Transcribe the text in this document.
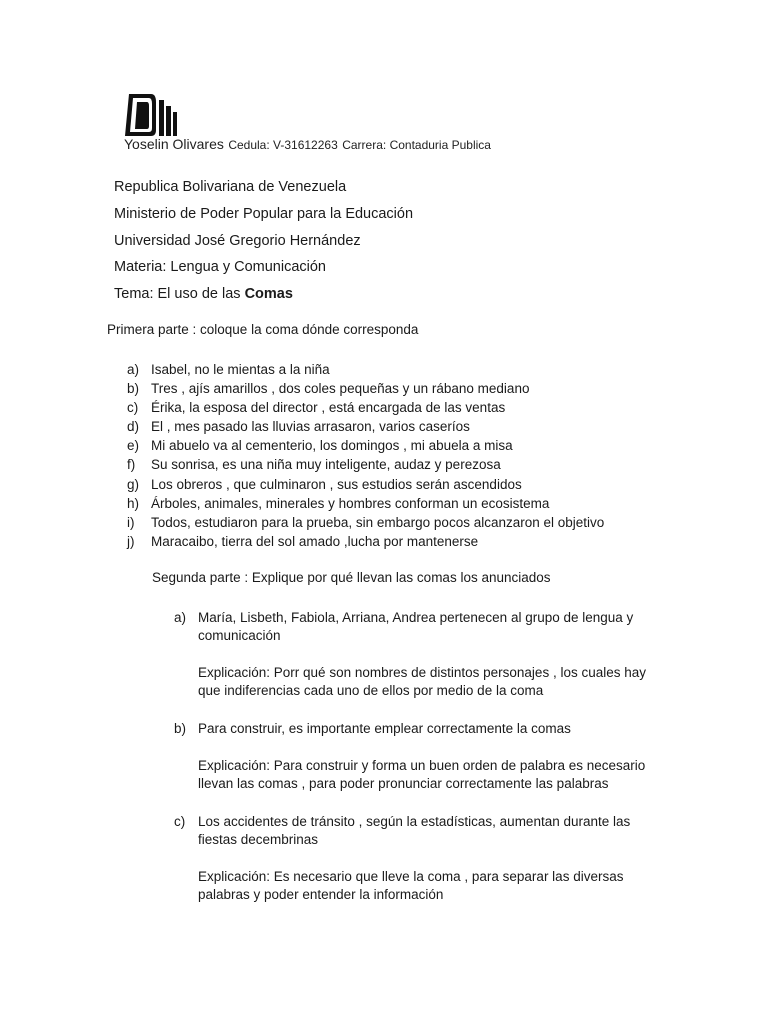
Yoselin Olivares Cedula: V-31612263 Carrera: Contaduria Publica
Republica Bolivariana de Venezuela
Ministerio de Poder Popular para la Educación
Universidad José Gregorio Hernández
Materia: Lengua y Comunicación
Tema: El uso de las Comas
Primera parte : coloque la coma dónde corresponda
a) Isabel, no le mientas a la niña
b) Tres , ajís amarillos , dos coles pequeñas y un rábano mediano
c) Érika, la esposa del director , está encargada de las ventas
d) El , mes pasado las lluvias arrasaron, varios caseríos
e) Mi abuelo va al cementerio, los domingos , mi abuela a misa
f) Su sonrisa, es una niña muy inteligente, audaz y perezosa
g) Los obreros , que culminaron , sus estudios serán ascendidos
h) Árboles, animales, minerales y hombres conforman un ecosistema
i) Todos, estudiaron para la prueba, sin embargo pocos alcanzaron el objetivo
j) Maracaibo, tierra del sol amado ,lucha por mantenerse
Segunda parte : Explique por qué llevan las comas los anunciados
a) María, Lisbeth, Fabiola, Arriana, Andrea pertenecen al grupo de lengua y comunicación
Explicación: Porr qué son nombres de distintos personajes , los cuales hay que indiferencias cada uno de ellos por medio de la coma
b) Para construir, es importante emplear correctamente la comas
Explicación: Para construir y forma un buen orden de palabra es necesario llevan las comas , para poder pronunciar correctamente las palabras
c) Los accidentes de tránsito , según la estadísticas, aumentan durante las fiestas decembrinas
Explicación: Es necesario que lleve la coma , para separar las diversas palabras y poder entender la información
